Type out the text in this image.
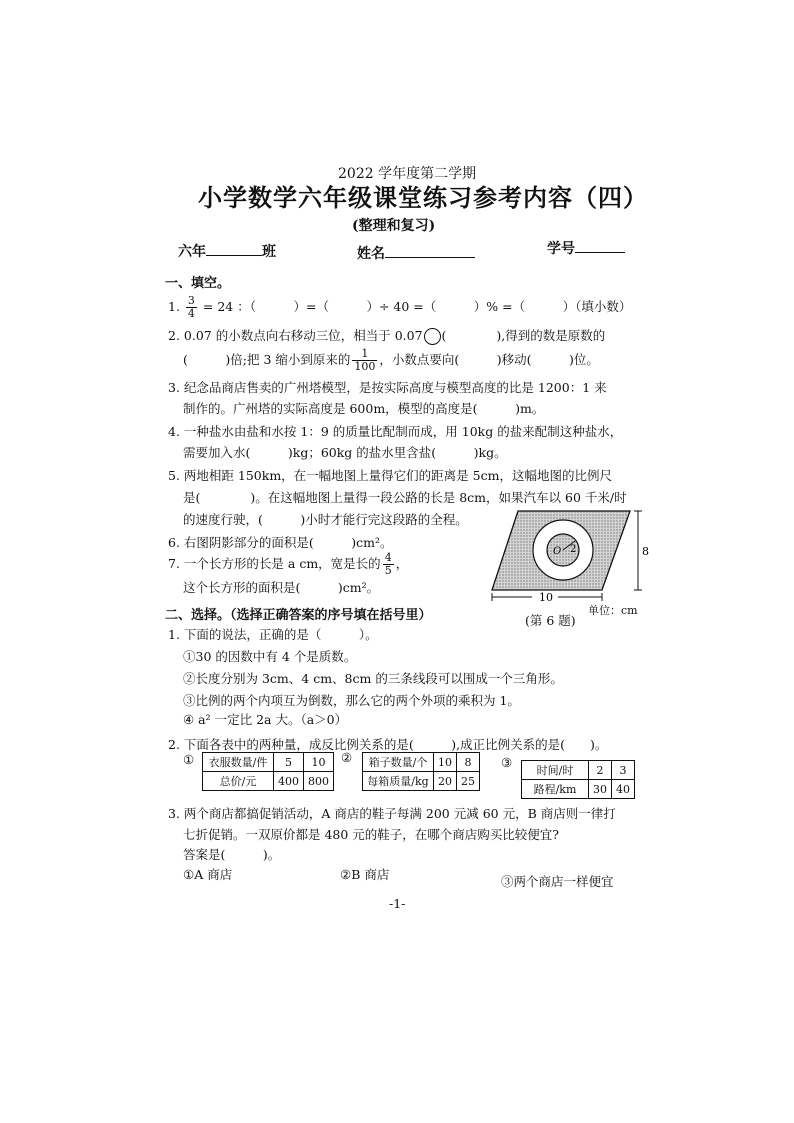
2022 学年度第二学期
小学数学六年级课堂练习参考内容（四）
(整理和复习)
六年	班	姓名	学号
一、填空。
1. $\frac{3}{4} = 24$ ：（　　　）=（　　　）÷ 40 =（　　　）% =（　　　）（填小数）
2. 0.07 的小数点向右移动三位，相当于 0.07 (　　　　),得到的数是原数的
(　　　)倍;把 3 缩小到原来的 $\frac{1}{100}$ ，小数点要向(　　　)移动(　　　)位。
3. 纪念品商店售卖的广州塔模型，是按实际高度与模型高度的比是 1200：1 来
制作的。广州塔的实际高度是 600m，模型的高度是(　　　)m。
4. 一种盐水由盐和水按 1：9 的质量比配制而成，用 10kg 的盐来配制这种盐水，
需要加入水(　　　)kg；60kg 的盐水里含盐(　　　)kg。
5. 两地相距 150km，在一幅地图上量得它们的距离是 5cm，这幅地图的比例尺
是(　　　　)。在这幅地图上量得一段公路的长是 8cm，如果汽车以 60 千米/时
的速度行驶，(　　　)小时才能行完这段路的全程。
6. 右图阴影部分的面积是(　　　)cm²。
7. 一个长方形的长是 a cm，宽是长的 $\frac{4}{5}$ ，
这个长方形的面积是(　　　)cm²。
O 2	8
10
(第 6 题)
单位：cm
二、选择。（选择正确答案的序号填在括号里）
1. 下面的说法，正确的是（　　　）。
①30 的因数中有 4 个是质数。
②长度分别为 3cm、4 cm、8cm 的三条线段可以围成一个三角形。
③比例的两个内项互为倒数，那么它的两个外项的乘积为 1。
④ a² 一定比 2a 大。（a＞0）
2. 下面各表中的两种量，成反比例关系的是(　　　),成正比例关系的是(　　)。
① 衣服数量/件	5	10
总价/元	400	800
② 箱子数量/个	10	8
每箱质量/kg	20	25
③
时间/时	2	3
路程/km	30	40
3. 两个商店都搞促销活动，A 商店的鞋子每满 200 元减 60 元，B 商店则一律打
七折促销。一双原价都是 480 元的鞋子，在哪个商店购买比较便宜?
答案是(　　　)。
①A 商店	②B 商店	③两个商店一样便宜
-1-
